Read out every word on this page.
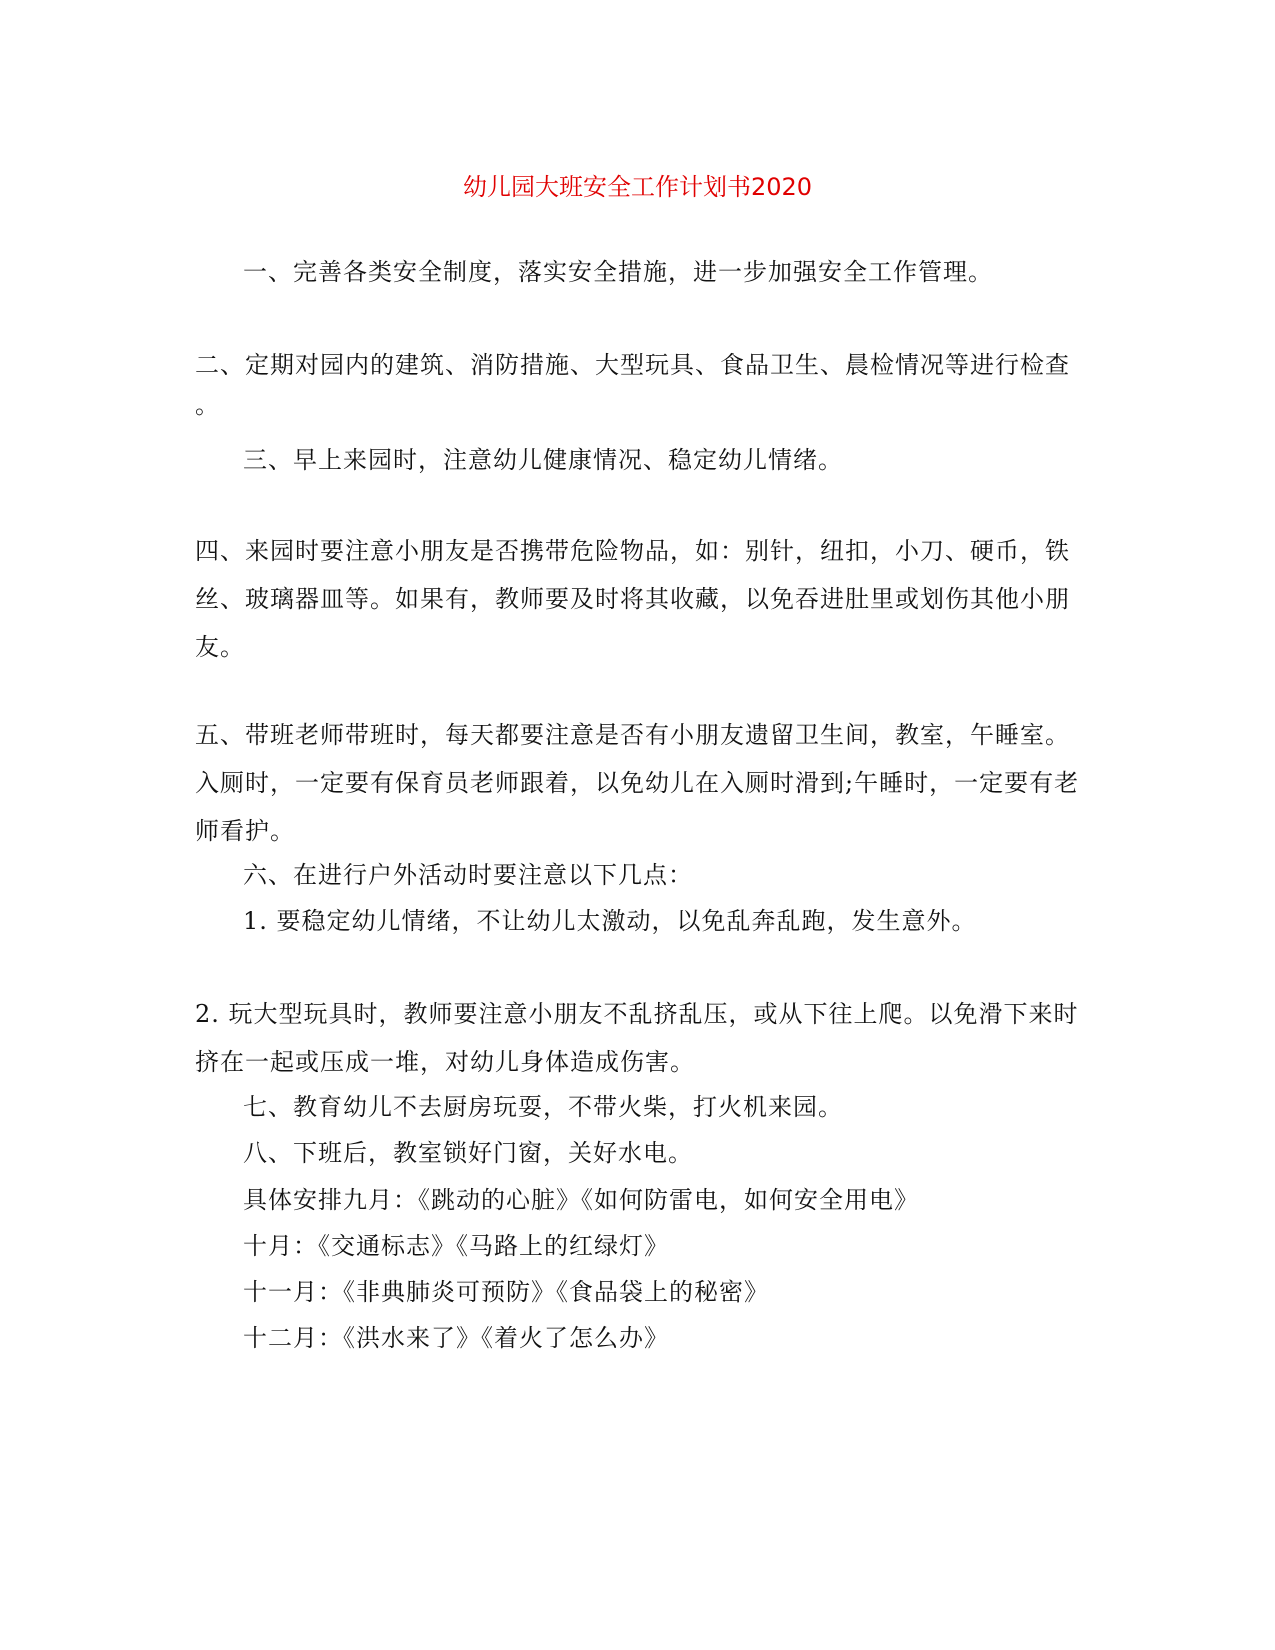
幼儿园大班安全工作计划书2020
一、完善各类安全制度，落实安全措施，进一步加强安全工作管理。
二、定期对园内的建筑、消防措施、大型玩具、食品卫生、晨检情况等进行检查
。
三、早上来园时，注意幼儿健康情况、稳定幼儿情绪。
四、来园时要注意小朋友是否携带危险物品，如：别针，纽扣，小刀、硬币，铁
丝、玻璃器皿等。如果有，教师要及时将其收藏，以免吞进肚里或划伤其他小朋
友。
五、带班老师带班时，每天都要注意是否有小朋友遗留卫生间，教室，午睡室。
入厕时，一定要有保育员老师跟着，以免幼儿在入厕时滑到;午睡时，一定要有老
师看护。
六、在进行户外活动时要注意以下几点：
1. 要稳定幼儿情绪，不让幼儿太激动，以免乱奔乱跑，发生意外。
2. 玩大型玩具时，教师要注意小朋友不乱挤乱压，或从下往上爬。以免滑下来时
挤在一起或压成一堆，对幼儿身体造成伤害。
七、教育幼儿不去厨房玩耍，不带火柴，打火机来园。
八、下班后，教室锁好门窗，关好水电。
具体安排九月：《跳动的心脏》《如何防雷电，如何安全用电》
十月：《交通标志》《马路上的红绿灯》
十一月：《非典肺炎可预防》《食品袋上的秘密》
十二月：《洪水来了》《着火了怎么办》
